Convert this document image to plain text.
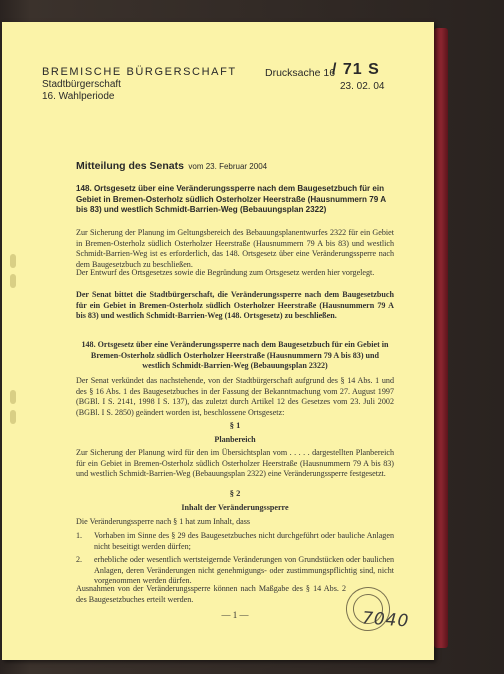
BREMISCHE BÜRGERSCHAFT
Stadtbürgerschaft
16. Wahlperiode
Drucksache 16
/ 71 S
23. 02. 04
Mitteilung des Senats vom 23. Februar 2004
148. Ortsgesetz über eine Veränderungssperre nach dem Baugesetzbuch für ein Gebiet in Bremen-Osterholz südlich Osterholzer Heerstraße (Hausnummern 79 A bis 83) und westlich Schmidt-Barrien-Weg (Bebauungsplan 2322)
Zur Sicherung der Planung im Geltungsbereich des Bebauungsplanentwurfes 2322 für ein Gebiet in Bremen-Osterholz südlich Osterholzer Heerstraße (Hausnummern 79 A bis 83) und westlich Schmidt-Barrien-Weg ist es erforderlich, das 148. Ortsgesetz über eine Veränderungssperre nach dem Baugesetzbuch zu beschließen.
Der Entwurf des Ortsgesetzes sowie die Begründung zum Ortsgesetz werden hier vorgelegt.
Der Senat bittet die Stadtbürgerschaft, die Veränderungssperre nach dem Baugesetzbuch für ein Gebiet in Bremen-Osterholz südlich Osterholzer Heerstraße (Hausnummern 79 A bis 83) und westlich Schmidt-Barrien-Weg (148. Ortsgesetz) zu beschließen.
148. Ortsgesetz über eine Veränderungssperre nach dem Baugesetzbuch für ein Gebiet in Bremen-Osterholz südlich Osterholzer Heerstraße (Hausnummern 79 A bis 83) und westlich Schmidt-Barrien-Weg (Bebauungsplan 2322)
Der Senat verkündet das nachstehende, von der Stadtbürgerschaft aufgrund des § 14 Abs. 1 und des § 16 Abs. 1 des Baugesetzbuches in der Fassung der Bekanntmachung vom 27. August 1997 (BGBl. I S. 2141, 1998 I S. 137), das zuletzt durch Artikel 12 des Gesetzes vom 23. Juli 2002 (BGBl. I S. 2850) geändert worden ist, beschlossene Ortsgesetz:
§ 1
Planbereich
Zur Sicherung der Planung wird für den im Übersichtsplan vom . . . . . dargestellten Planbereich für ein Gebiet in Bremen-Osterholz südlich Osterholzer Heerstraße (Hausnummern 79 A bis 83) und westlich Schmidt-Barrien-Weg (Bebauungsplan 2322) eine Veränderungssperre festgesetzt.
§ 2
Inhalt der Veränderungssperre
Die Veränderungssperre nach § 1 hat zum Inhalt, dass
1. Vorhaben im Sinne des § 29 des Baugesetzbuches nicht durchgeführt oder bauliche Anlagen nicht beseitigt werden dürfen;
2. erhebliche oder wesentlich wertsteigernde Veränderungen von Grundstücken oder baulichen Anlagen, deren Veränderungen nicht genehmigungs- oder zustimmungspflichtig sind, nicht vorgenommen werden dürfen.
Ausnahmen von der Veränderungssperre können nach Maßgabe des § 14 Abs. 2 des Baugesetzbuches erteilt werden.
— 1 —	7040
